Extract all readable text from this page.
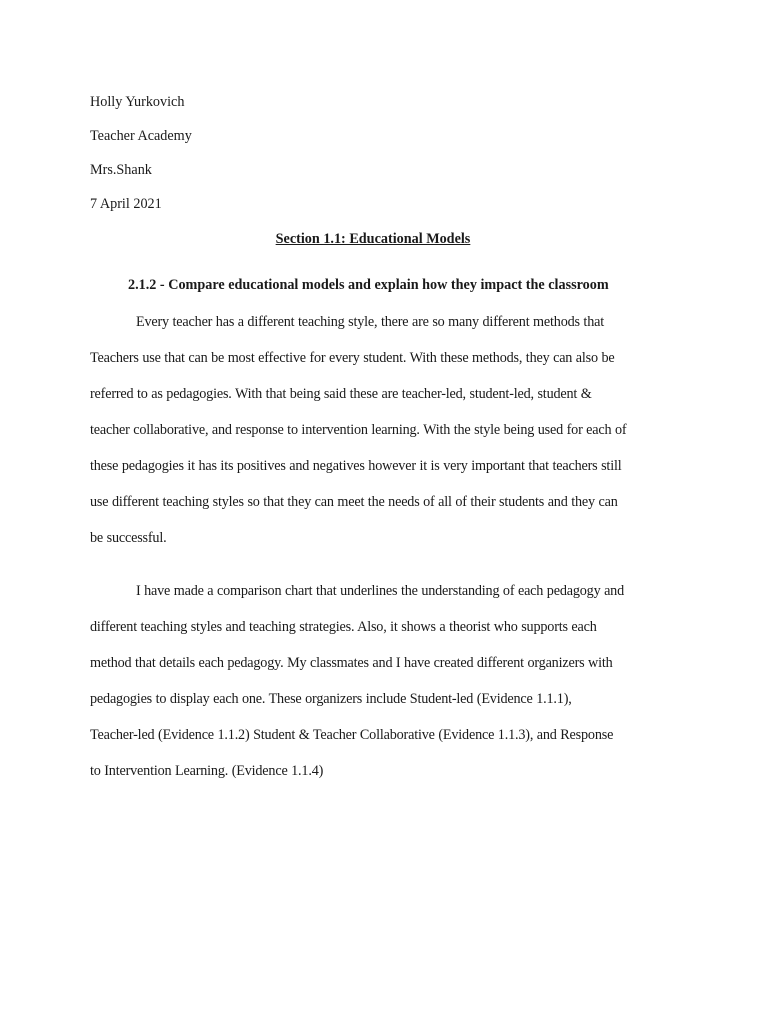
Holly Yurkovich

Teacher Academy

Mrs.Shank

7 April 2021

Section 1.1: Educational Models
2.1.2 - Compare educational models and explain how they impact the classroom
Every teacher has a different teaching style, there are so many different methods that
Teachers use that can be most effective for every student. With these methods, they can also be
referred to as pedagogies. With that being said these are teacher-led, student-led, student &
teacher collaborative, and response to intervention learning. With the style being used for each of
these pedagogies it has its positives and negatives however it is very important that teachers still
use different teaching styles so that they can meet the needs of all of their students and they can
be successful.
I have made a comparison chart that underlines the understanding of each pedagogy and
different teaching styles and teaching strategies. Also, it shows a theorist who supports each
method that details each pedagogy. My classmates and I have created different organizers with
pedagogies to display each one. These organizers include Student-led (Evidence 1.1.1),
Teacher-led (Evidence 1.1.2) Student & Teacher Collaborative (Evidence 1.1.3), and Response
to Intervention Learning. (Evidence 1.1.4)
